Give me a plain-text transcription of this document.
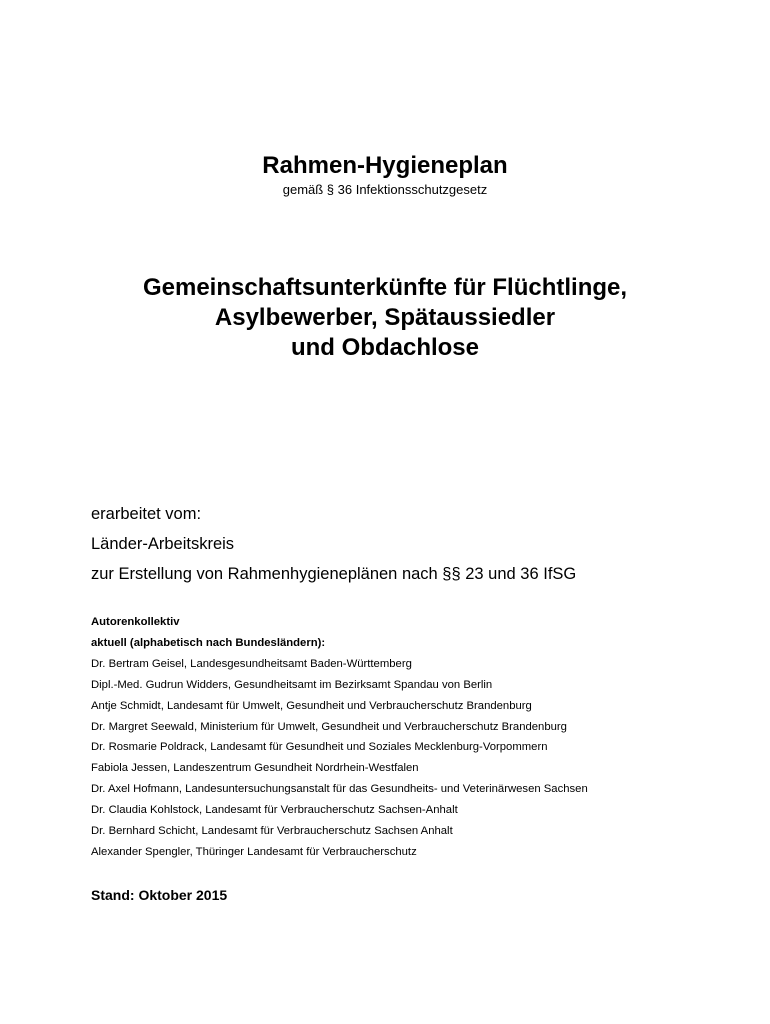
Rahmen-Hygieneplan

gemäß § 36 Infektionsschutzgesetz

Gemeinschaftsunterkünfte für Flüchtlinge,
Asylbewerber, Spätaussiedler
und Obdachlose
erarbeitet vom:
Länder-Arbeitskreis
zur Erstellung von Rahmenhygieneplänen nach §§ 23 und 36 IfSG
Autorenkollektiv
aktuell (alphabetisch nach Bundesländern):
Dr. Bertram Geisel, Landesgesundheitsamt Baden-Württemberg
Dipl.-Med. Gudrun Widders, Gesundheitsamt im Bezirksamt Spandau von Berlin
Antje Schmidt, Landesamt für Umwelt, Gesundheit und Verbraucherschutz Brandenburg
Dr. Margret Seewald, Ministerium für Umwelt, Gesundheit und Verbraucherschutz Brandenburg
Dr. Rosmarie Poldrack, Landesamt für Gesundheit und Soziales Mecklenburg-Vorpommern
Fabiola Jessen, Landeszentrum Gesundheit Nordrhein-Westfalen
Dr. Axel Hofmann, Landesuntersuchungsanstalt für das Gesundheits- und Veterinärwesen Sachsen
Dr. Claudia Kohlstock, Landesamt für Verbraucherschutz Sachsen-Anhalt
Dr. Bernhard Schicht, Landesamt für Verbraucherschutz Sachsen Anhalt
Alexander Spengler, Thüringer Landesamt für Verbraucherschutz
Stand: Oktober 2015
